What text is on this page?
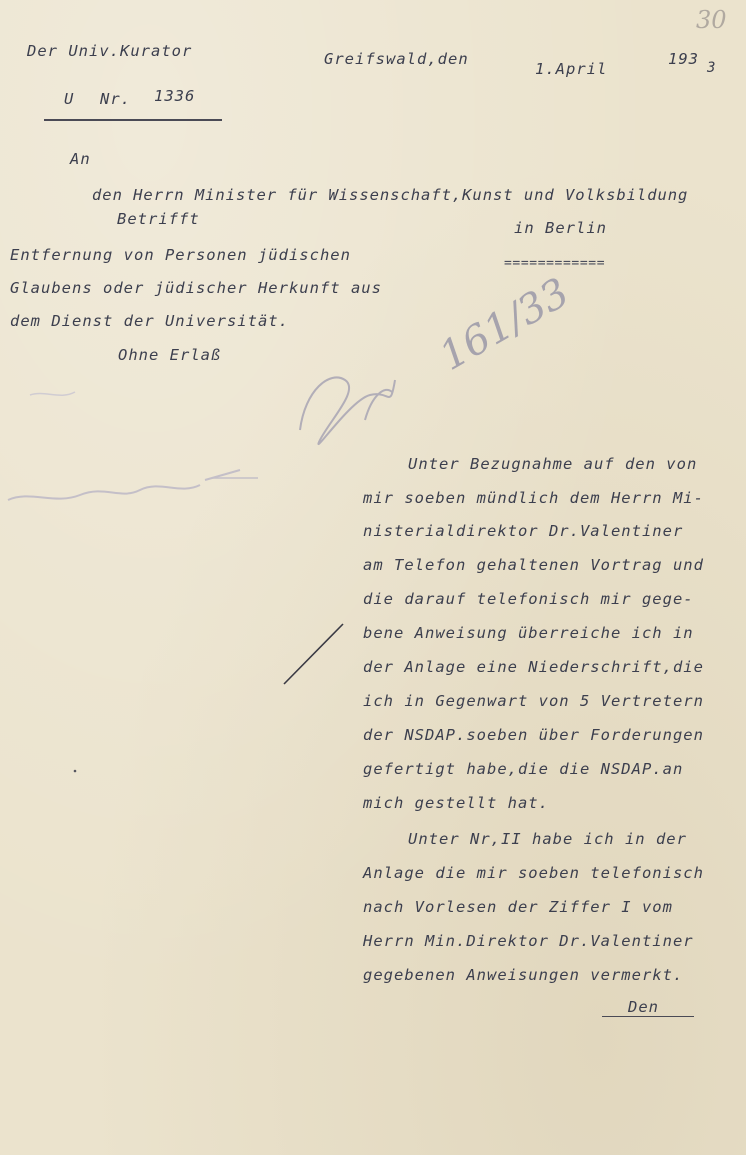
Der Univ.Kurator
U Nr. 1336
Greifswald,den
1.April
193 3
30
An
den Herrn Minister für Wissenschaft,Kunst und Volksbildung
in Berlin
============
Betrifft
Entfernung von Personen jüdischen
Glaubens oder jüdischer Herkunft aus
dem Dienst der Universität.
Ohne Erlaß
Unter Bezugnahme auf den von
mir soeben mündlich dem Herrn Mi-
nisterialdirektor Dr.Valentiner
am Telefon gehaltenen Vortrag und
die darauf telefonisch mir gege-
bene Anweisung überreiche ich in
der Anlage eine Niederschrift,die
ich in Gegenwart von 5 Vertretern
der NSDAP.soeben über Forderungen
gefertigt habe,die die NSDAP.an
mich gestellt hat.
Unter Nr,II habe ich in der
Anlage die mir soeben telefonisch
nach Vorlesen der Ziffer I vom
Herrn Min.Direktor Dr.Valentiner
gegebenen Anweisungen vermerkt.
Den
161/33
